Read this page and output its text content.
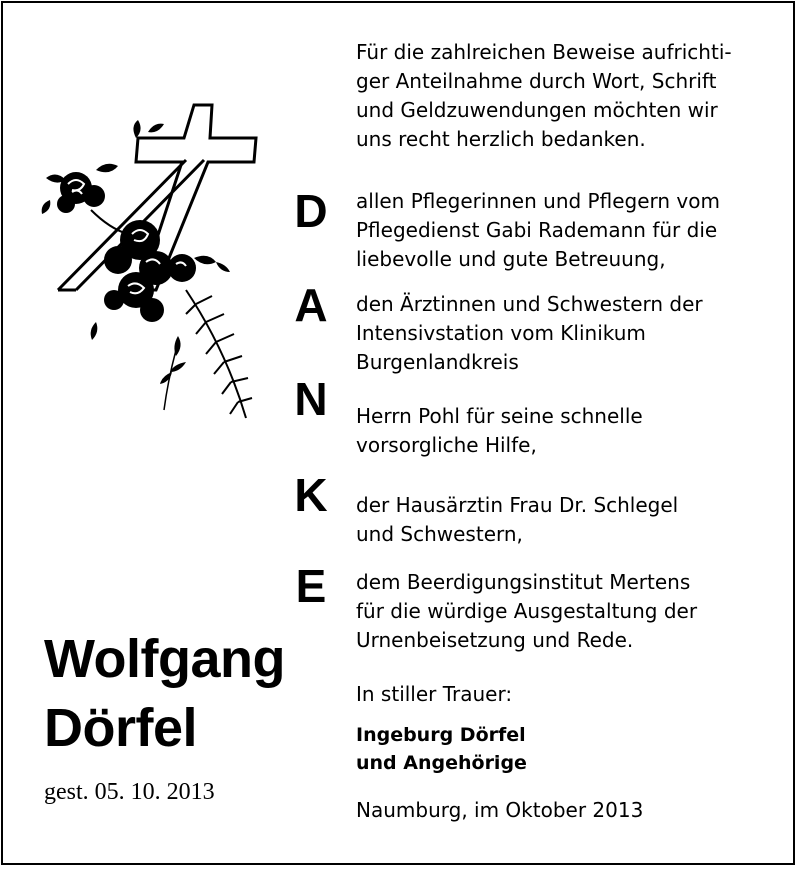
D
A
N
K
E
Wolfgang
Dörfel
gest. 05. 10. 2013
Für die zahlreichen Beweise aufrichti-
ger Anteilnahme durch Wort, Schrift
und Geldzuwendungen möchten wir
uns recht herzlich bedanken.
allen Pflegerinnen und Pflegern vom
Pflegedienst Gabi Rademann für die
liebevolle und gute Betreuung,
den Ärztinnen und Schwestern der
Intensivstation vom Klinikum
Burgenlandkreis
Herrn Pohl für seine schnelle
vorsorgliche Hilfe,
der Hausärztin Frau Dr. Schlegel
und Schwestern,
dem Beerdigungsinstitut Mertens
für die würdige Ausgestaltung der
Urnenbeisetzung und Rede.
In stiller Trauer:
Ingeburg Dörfel
und Angehörige
Naumburg, im Oktober 2013
